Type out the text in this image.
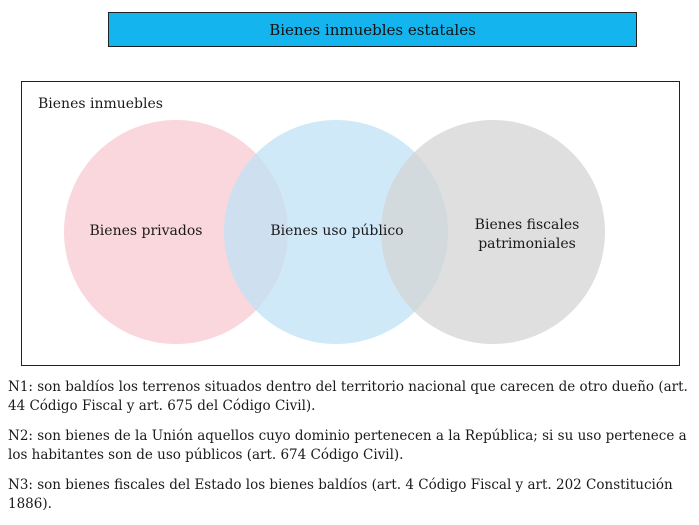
Bienes inmuebles estatales
Bienes inmuebles
Bienes privados	Bienes uso público	Bienes fiscales
patrimoniales

N1: son baldíos los terrenos situados dentro del territorio nacional que carecen de otro dueño (art. 44 Código Fiscal y art. 675 del Código Civil).

N2: son bienes de la Unión aquellos cuyo dominio pertenecen a la República; si su uso pertenece a los habitantes son de uso públicos (art. 674 Código Civil).

N3: son bienes fiscales del Estado los bienes baldíos (art. 4 Código Fiscal y art. 202 Constitución 1886).
